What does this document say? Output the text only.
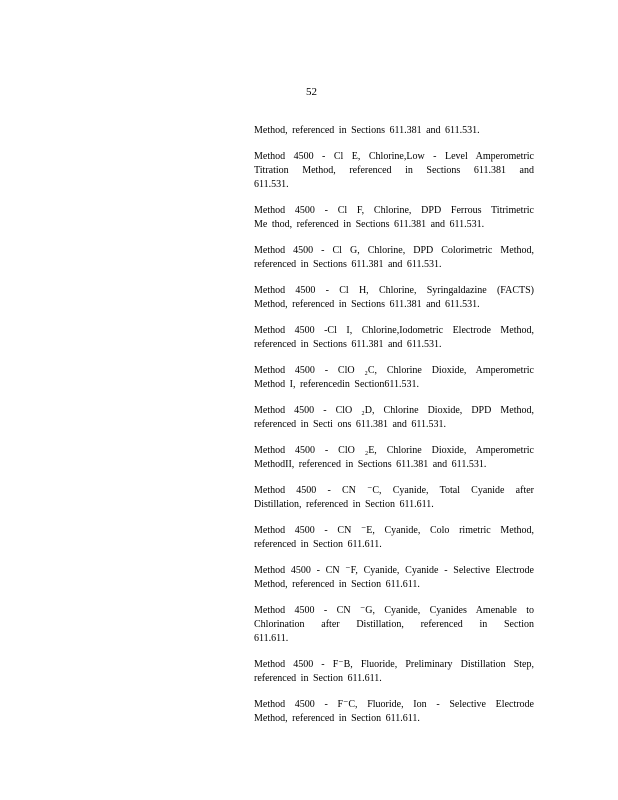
52
Method, referenced in Sections 611.381 and 611.531.
Method 4500 - Cl E, Chlorine,Low - Level Amperometric
Titration Method, referenced in Sections 611.381 and
611.531.
Method 4500 - Cl F, Chlorine, DPD Ferrous Titrimetric
Me thod, referenced in Sections 611.381 and 611.531.
Method 4500 - Cl G, Chlorine, DPD Colorimetric Method,
referenced in Sections 611.381 and 611.531.
Method 4500 - Cl H, Chlorine, Syringaldazine (FACTS)
Method, referenced in Sections 611.381 and 611.531.
Method 4500 -Cl I, Chlorine,Iodometric Electrode Method,
referenced in Sections 611.381 and 611.531.
Method 4500 - ClO ₂C, Chlorine Dioxide, Amperometric
Method I, referencedin Section611.531.
Method 4500 - ClO ₂D, Chlorine Dioxide, DPD Method,
referenced in Secti ons 611.381 and 611.531.
Method 4500 - ClO ₂E, Chlorine Dioxide, Amperometric
MethodII, referenced in Sections 611.381 and 611.531.
Method 4500 - CN ⁻C, Cyanide, Total Cyanide after
Distillation, referenced in Section 611.611.
Method 4500 - CN ⁻E, Cyanide, Colo rimetric Method,
referenced in Section 611.611.
Method 4500 - CN ⁻F, Cyanide, Cyanide - Selective Electrode
Method, referenced in Section 611.611.
Method 4500 - CN ⁻G, Cyanide, Cyanides Amenable to
Chlorination after Distillation, referenced in Section
611.611.
Method 4500 - F⁻B, Fluoride, Preliminary Distillation Step,
referenced in Section 611.611.
Method 4500 - F⁻C, Fluoride, Ion - Selective Electrode
Method, referenced in Section 611.611.
